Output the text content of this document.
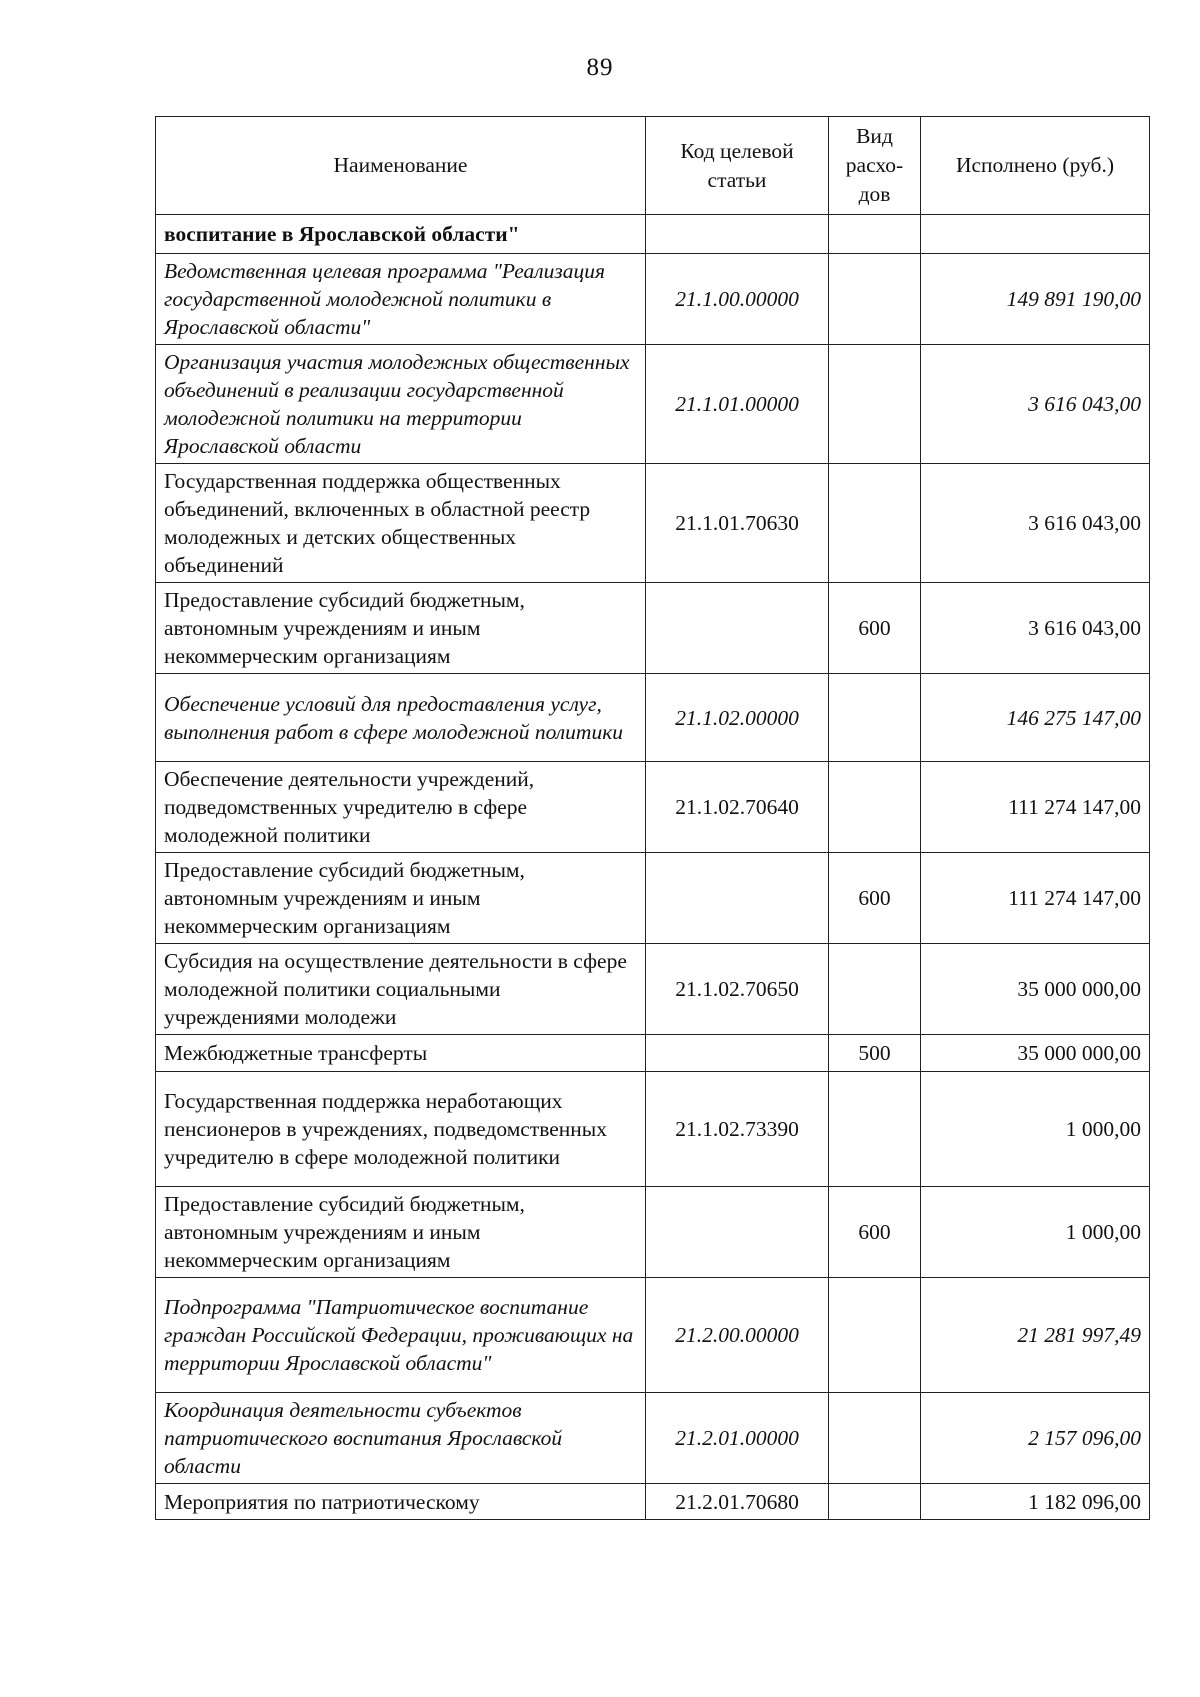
89
Наименование	Код целевой статьи	Вид расхо-дов	Исполнено (руб.)
воспитание в Ярославской области"			
Ведомственная целевая программа "Реализация государственной молодежной политики в Ярославской области"	21.1.00.00000		149 891 190,00
Организация участия молодежных общественных объединений в реализации государственной молодежной политики на территории Ярославской области	21.1.01.00000		3 616 043,00
Государственная поддержка общественных объединений, включенных в областной реестр молодежных и детских общественных объединений	21.1.01.70630		3 616 043,00
Предоставление субсидий бюджетным, автономным учреждениям и иным некоммерческим организациям		600	3 616 043,00
Обеспечение условий для предоставления услуг, выполнения работ в сфере молодежной политики	21.1.02.00000		146 275 147,00
Обеспечение деятельности учреждений, подведомственных учредителю в сфере молодежной политики	21.1.02.70640		111 274 147,00
Предоставление субсидий бюджетным, автономным учреждениям и иным некоммерческим организациям		600	111 274 147,00
Субсидия на осуществление деятельности в сфере молодежной политики социальными учреждениями молодежи	21.1.02.70650		35 000 000,00
Межбюджетные трансферты		500	35 000 000,00
Государственная поддержка неработающих пенсионеров в учреждениях, подведомственных учредителю в сфере молодежной политики	21.1.02.73390		1 000,00
Предоставление субсидий бюджетным, автономным учреждениям и иным некоммерческим организациям		600	1 000,00
Подпрограмма "Патриотическое воспитание граждан Российской Федерации, проживающих на территории Ярославской области"	21.2.00.00000		21 281 997,49
Координация деятельности субъектов патриотического воспитания Ярославской области	21.2.01.00000		2 157 096,00
Мероприятия по патриотическому	21.2.01.70680		1 182 096,00
